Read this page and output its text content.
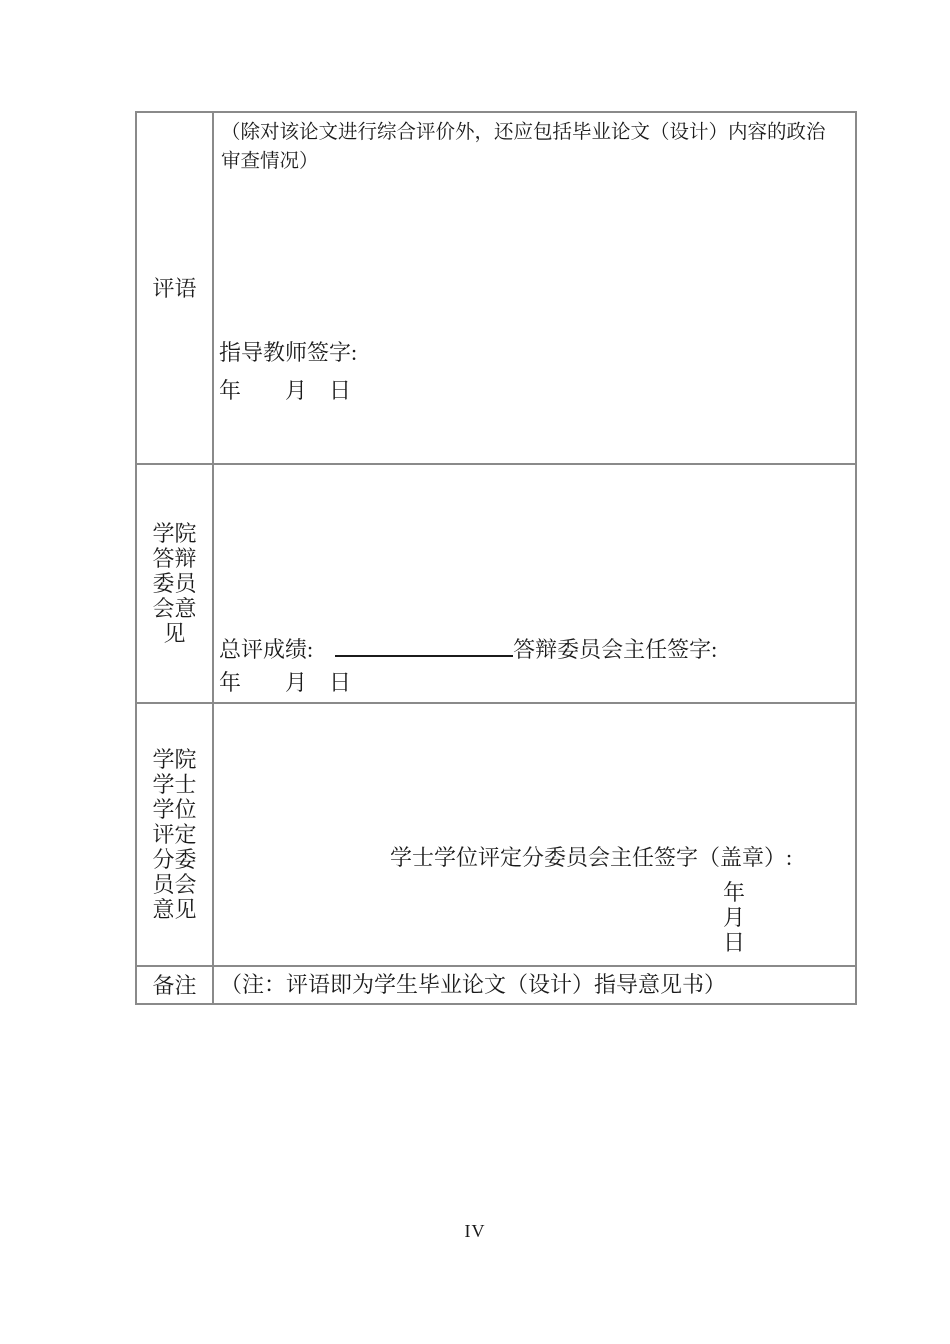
评语
（除对该论文进行综合评价外，还应包括毕业论文（设计）内容的政治审查情况）
指导教师签字:
年　　月　日
学院答辩委员会意见
总评成绩:	答辩委员会主任签字:
年　　月　日
学院学士学位评定分委员会意见
学士学位评定分委员会主任签字（盖章）:
年
月
日
备注 （注：评语即为学生毕业论文（设计）指导意见书）
IV
